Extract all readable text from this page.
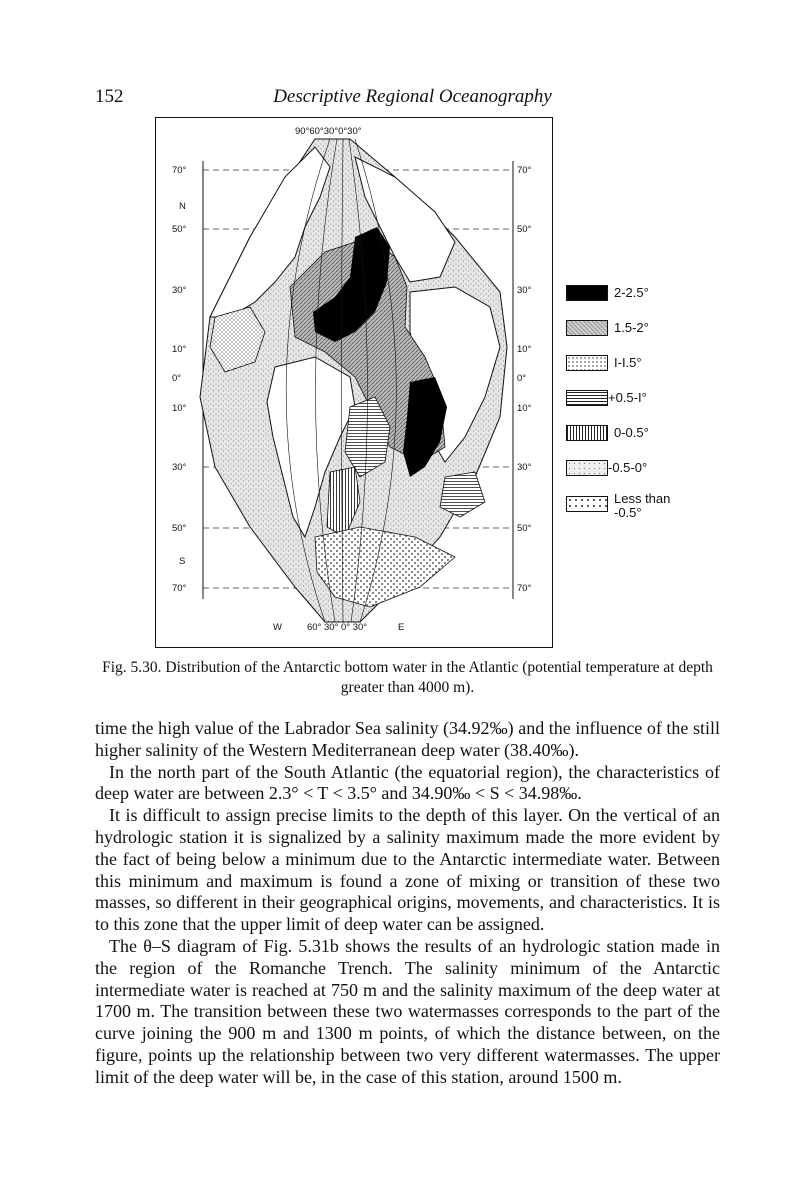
152	Descriptive Regional Oceanography
90°60°30°0°30°
W	60° 30° 0° 30°	E
N
S
70°
50°
30°
10°
0°
10°
30°
50°
70°
70°
50°
30°
10°
0°
10°
30°
50°
70°
2-2.5°
1.5-2°
I-I.5°
+0.5-I°
0-0.5°
-0.5-0°
Less than
-0.5°
Fig. 5.30. Distribution of the Antarctic bottom water in the Atlantic (potential temperature at depth greater than 4000 m).

time the high value of the Labrador Sea salinity (34.92‰) and the influence of the still higher salinity of the Western Mediterranean deep water (38.40‰).

In the north part of the South Atlantic (the equatorial region), the characteristics of deep water are between 2.3° < T < 3.5° and 34.90‰ < S < 34.98‰.

It is difficult to assign precise limits to the depth of this layer. On the vertical of an hydrologic station it is signalized by a salinity maximum made the more evident by the fact of being below a minimum due to the Antarctic intermediate water. Between this minimum and maximum is found a zone of mixing or transition of these two masses, so different in their geographical origins, movements, and characteristics. It is to this zone that the upper limit of deep water can be assigned.

The θ–S diagram of Fig. 5.31b shows the results of an hydrologic station made in the region of the Romanche Trench. The salinity minimum of the Antarctic intermediate water is reached at 750 m and the salinity maximum of the deep water at 1700 m. The transition between these two watermasses corresponds to the part of the curve joining the 900 m and 1300 m points, of which the distance between, on the figure, points up the relationship between two very different watermasses. The upper limit of the deep water will be, in the case of this station, around 1500 m.
